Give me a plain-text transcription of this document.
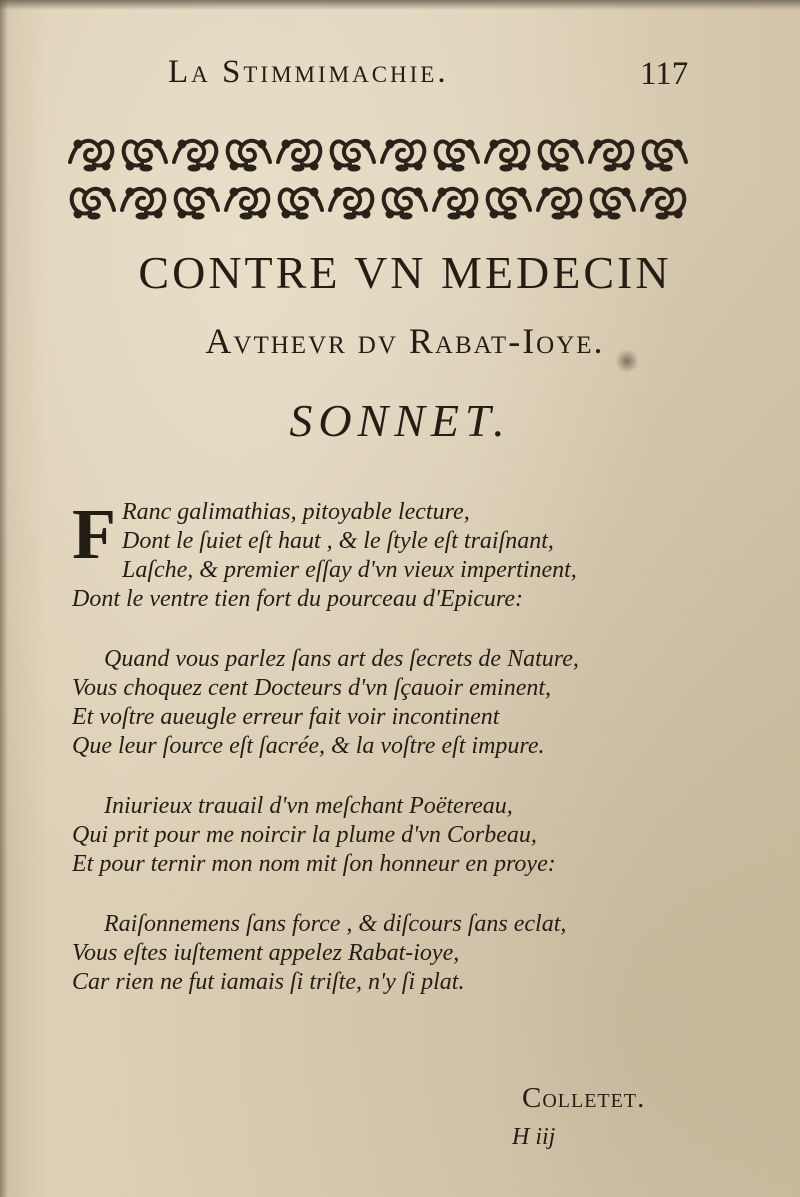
La Stimmimachie.	117
CONTRE VN MEDECIN
Avthevr dv Rabat-Ioye.
SONNET.
F Ranc galimathias, pitoyable lecture,
Dont le ſuiet eſt haut , & le ſtyle eſt traiſnant,
Laſche, & premier eſſay d'vn vieux impertinent,
Dont le ventre tien fort du pourceau d'Epicure:
Quand vous parlez ſans art des ſecrets de Nature,
Vous choquez cent Docteurs d'vn ſçauoir eminent,
Et voſtre aueugle erreur fait voir incontinent
Que leur ſource eſt ſacrée, & la voſtre eſt impure.
Iniurieux trauail d'vn meſchant Poëtereau,
Qui prit pour me noircir la plume d'vn Corbeau,
Et pour ternir mon nom mit ſon honneur en proye:
Raiſonnemens ſans force , & diſcours ſans eclat,
Vous eſtes iuſtement appelez Rabat-ioye,
Car rien ne fut iamais ſi triſte, n'y ſi plat.
Colletet.
H iij
